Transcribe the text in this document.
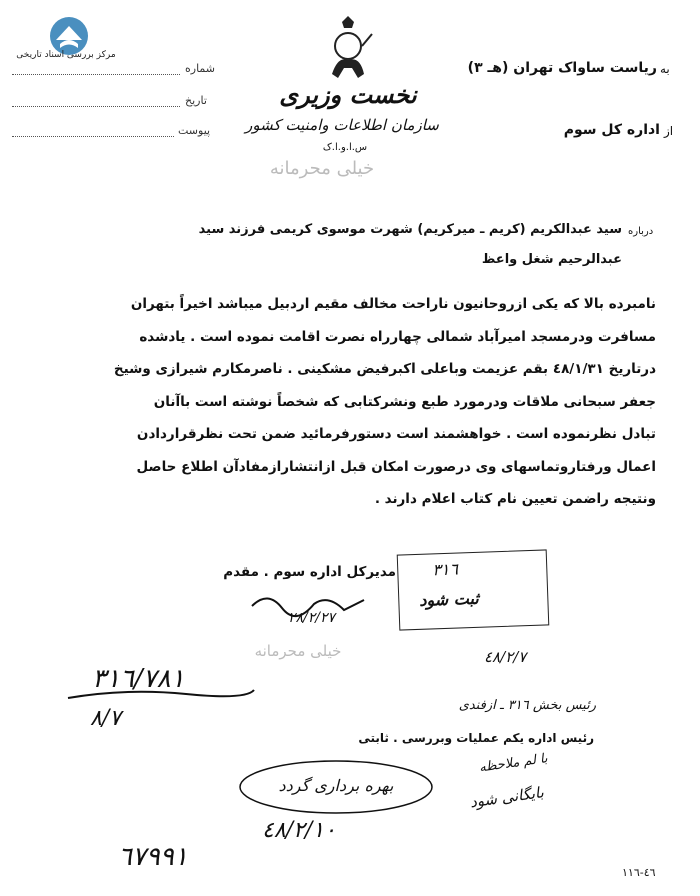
مرکز بررسی اسناد تاریخی
شماره
تاریخ
پیوست
نخست وزیری
سازمان اطلاعات وامنیت کشور
س.ا.و.ا.ک
خیلی محرمانه
به
ریاست ساواک تهران (هـ ٣)
از
اداره کل سوم
درباره
سید عبدالکریم (کریم ـ میرکریم) شهرت موسوی کریمی فرزند سید
عبدالرحیم شغل واعظ
نامبرده بالا که یکی ازروحانیون ناراحت مخالف مقیم اردبیل میباشد اخیراً بتهران
مسافرت ودرمسجد امیرآباد شمالی چهارراه نصرت اقامت نموده است . یادشده
درتاریخ ٤٨/١/٣١ بقم عزیمت وباعلی اکبرفیض مشکینی . ناصرمکارم شیرازی وشیخ
جعفر سبحانی ملاقات ودرمورد طبع ونشرکتابی که شخصاً نوشته است باآنان
تبادل نظرنموده است . خواهشمند است دستورفرمائید ضمن تحت نظرقراردادن
اعمال ورفتاروتماسهای وی درصورت امکان قبل ازانتشارازمفادآن اطلاع حاصل
ونتیجه راضمن تعیین نام کتاب اعلام دارند .
مدیرکل اداره سوم . مقدم
٢٨/٢/٢٧
٣١٦
ثبت شود
٤٨/٢/٧
خیلی محرمانه
٣١٦/٧٨١
٨/٧
رئیس بخش ٣١٦ ـ ازفندی
رئیس اداره یکم عملیات وبررسی . ثابتی
بهره برداری گردد
با لم ملاحظه
بایگانی شود
٤٨/٢/١٠
٦٧٩٩١
٤٦-١١٦
